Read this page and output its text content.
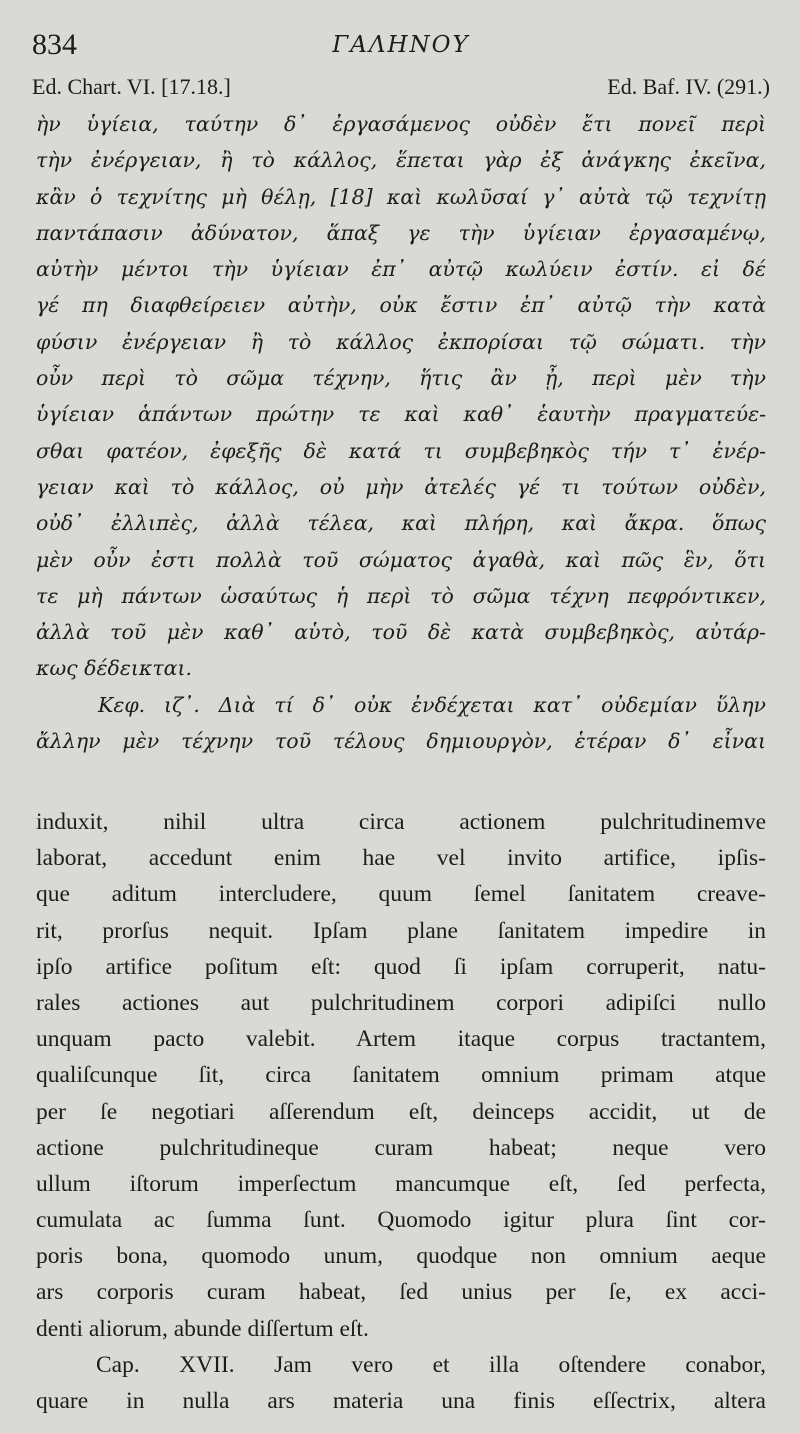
834	ΓΑΛΗΝΟΥ
Ed. Chart. VI. [17.18.]	Ed. Baf. IV. (291.)
ὴν ὑγίεια, ταύτην δ᾽ ἐργασάμενος οὐδὲν ἔτι πονεῖ περὶ
τὴν ἐνέργειαν, ἢ τὸ κάλλος, ἕπεται γὰρ ἐξ ἀνάγκης ἐκεῖνα,
κἂν ὁ τεχνίτης μὴ θέλῃ, [18] καὶ κωλῦσαί γ᾽ αὐτὰ τῷ τεχνίτῃ
παντάπασιν ἀδύνατον, ἅπαξ γε τὴν ὑγίειαν ἐργασαμένῳ,
αὐτὴν μέντοι τὴν ὑγίειαν ἐπ᾽ αὐτῷ κωλύειν ἐστίν. εἰ δέ
γέ πη διαφθείρειεν αὐτὴν, οὐκ ἔστιν ἐπ᾽ αὐτῷ τὴν κατὰ
φύσιν ἐνέργειαν ἢ τὸ κάλλος ἐκπορίσαι τῷ σώματι. τὴν
οὖν περὶ τὸ σῶμα τέχνην, ἥτις ἂν ᾖ, περὶ μὲν τὴν
ὑγίειαν ἁπάντων πρώτην τε καὶ καθ᾽ ἑαυτὴν πραγματεύε-
σθαι φατέον, ἐφεξῆς δὲ κατά τι συμβεβηκὸς τήν τ᾽ ἐνέρ-
γειαν καὶ τὸ κάλλος, οὐ μὴν ἀτελές γέ τι τούτων οὐδὲν,
οὐδ᾽ ἐλλιπὲς, ἀλλὰ τέλεα, καὶ πλήρη, καὶ ἄκρα. ὅπως
μὲν οὖν ἐστι πολλὰ τοῦ σώματος ἀγαθὰ, καὶ πῶς ἓν, ὅτι
τε μὴ πάντων ὡσαύτως ἡ περὶ τὸ σῶμα τέχνη πεφρόντικεν,
ἀλλὰ τοῦ μὲν καθ᾽ αὑτὸ, τοῦ δὲ κατὰ συμβεβηκὸς, αὐτάρ-
κως δέδεικται.
Κεφ. ιζ᾽. Διὰ τί δ᾽ οὐκ ἐνδέχεται κατ᾽ οὐδεμίαν ὕλην
ἄλλην μὲν τέχνην τοῦ τέλους δημιουργὸν, ἑτέραν δ᾽ εἶναι
induxit, nihil ultra circa actionem pulchritudinemve
laborat, accedunt enim hae vel invito artifice, ipſis-
que aditum intercludere, quum ſemel ſanitatem creave-
rit, prorſus nequit. Ipſam plane ſanitatem impedire in
ipſo artifice poſitum eſt: quod ſi ipſam corruperit, natu-
rales actiones aut pulchritudinem corpori adipiſci nullo
unquam pacto valebit. Artem itaque corpus tractantem,
qualiſcunque ſit, circa ſanitatem omnium primam atque
per ſe negotiari aſſerendum eſt, deinceps accidit, ut de
actione pulchritudineque curam habeat; neque vero
ullum iſtorum imperſectum mancumque eſt, ſed perfecta,
cumulata ac ſumma ſunt. Quomodo igitur plura ſint cor-
poris bona, quomodo unum, quodque non omnium aeque
ars corporis curam habeat, ſed unius per ſe, ex acci-
denti aliorum, abunde diſſertum eſt.
Cap. XVII. Jam vero et illa oſtendere conabor,
quare in nulla ars materia una finis eſſectrix, altera
